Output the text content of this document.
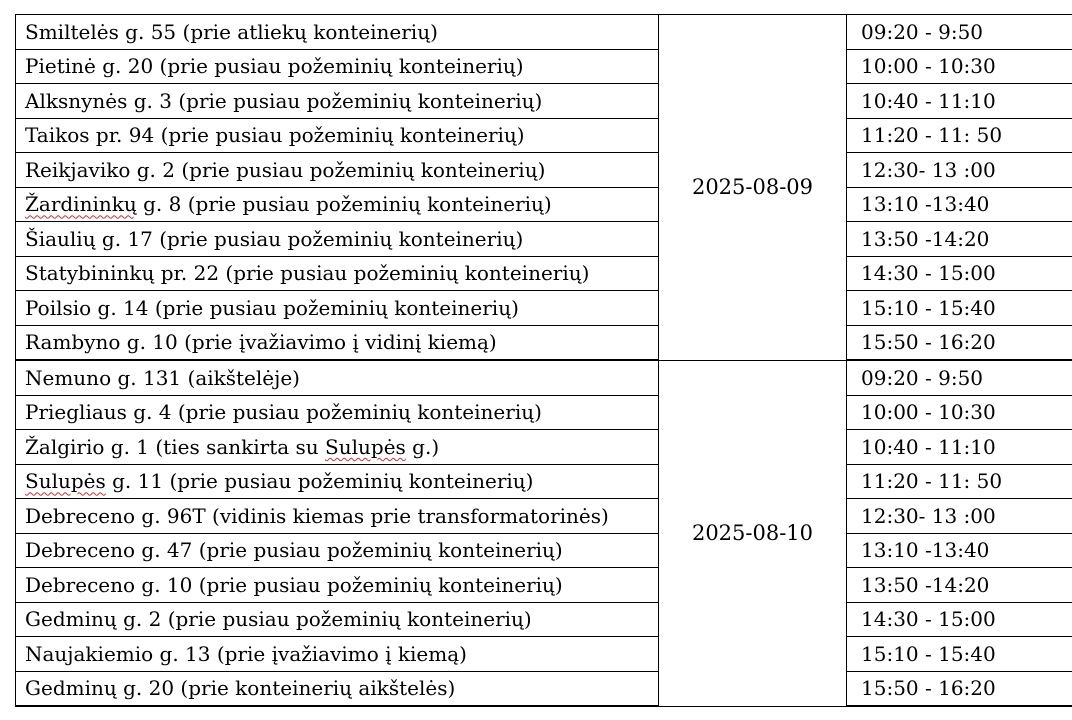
Smiltelės g. 55 (prie atliekų konteinerių)	2025-08-09	09:20 - 9:50
Pietinė g. 20 (prie pusiau požeminių konteinerių)		10:00 - 10:30
Alksnynės g. 3 (prie pusiau požeminių konteinerių)		10:40 - 11:10
Taikos pr. 94 (prie pusiau požeminių konteinerių)		11:20 - 11: 50
Reikjaviko g. 2 (prie pusiau požeminių konteinerių)		12:30- 13 :00
Žardininkų g. 8 (prie pusiau požeminių konteinerių)		13:10 -13:40
Šiaulių g. 17 (prie pusiau požeminių konteinerių)		13:50 -14:20
Statybininkų pr. 22 (prie pusiau požeminių konteinerių)		14:30 - 15:00
Poilsio g. 14 (prie pusiau požeminių konteinerių)		15:10 - 15:40
Rambyno g. 10 (prie įvažiavimo į vidinį kiemą)		15:50 - 16:20
Nemuno g. 131 (aikštelėje)	2025-08-10	09:20 - 9:50
Priegliaus g. 4 (prie pusiau požeminių konteinerių)		10:00 - 10:30
Žalgirio g. 1 (ties sankirta su Sulupės g.)		10:40 - 11:10
Sulupės g. 11 (prie pusiau požeminių konteinerių)		11:20 - 11: 50
Debreceno g. 96T (vidinis kiemas prie transformatorinės)		12:30- 13 :00
Debreceno g. 47 (prie pusiau požeminių konteinerių)		13:10 -13:40
Debreceno g. 10 (prie pusiau požeminių konteinerių)		13:50 -14:20
Gedminų g. 2 (prie pusiau požeminių konteinerių)		14:30 - 15:00
Naujakiemio g. 13 (prie įvažiavimo į kiemą)		15:10 - 15:40
Gedminų g. 20 (prie konteinerių aikštelės)		15:50 - 16:20
